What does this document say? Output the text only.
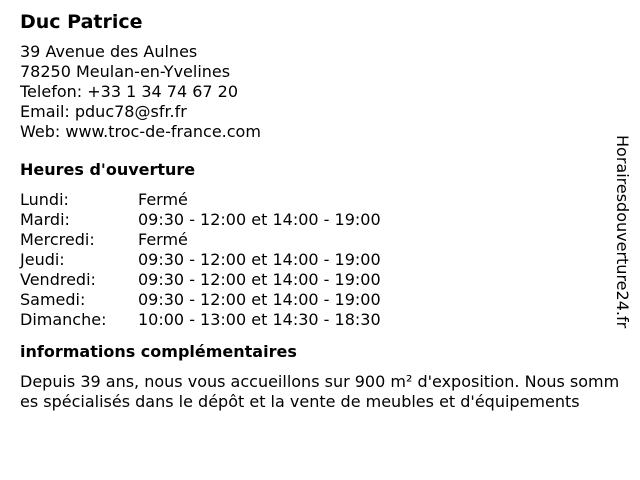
Duc Patrice
39 Avenue des Aulnes
78250 Meulan-en-Yvelines
Telefon: +33 1 34 74 67 20
Email: pduc78@sfr.fr
Web: www.troc-de-france.com
Heures d'ouverture
Lundi:	Fermé
Mardi:	09:30 - 12:00 et 14:00 - 19:00
Mercredi:	Fermé
Jeudi:	09:30 - 12:00 et 14:00 - 19:00
Vendredi:	09:30 - 12:00 et 14:00 - 19:00
Samedi:	09:30 - 12:00 et 14:00 - 19:00
Dimanche:	10:00 - 13:00 et 14:30 - 18:30
informations complémentaires
Depuis 39 ans, nous vous accueillons sur 900 m² d'exposition. Nous sommes spécialisés dans le dépôt et la vente de meubles et d'équipements
Horairesdouverture24.fr
